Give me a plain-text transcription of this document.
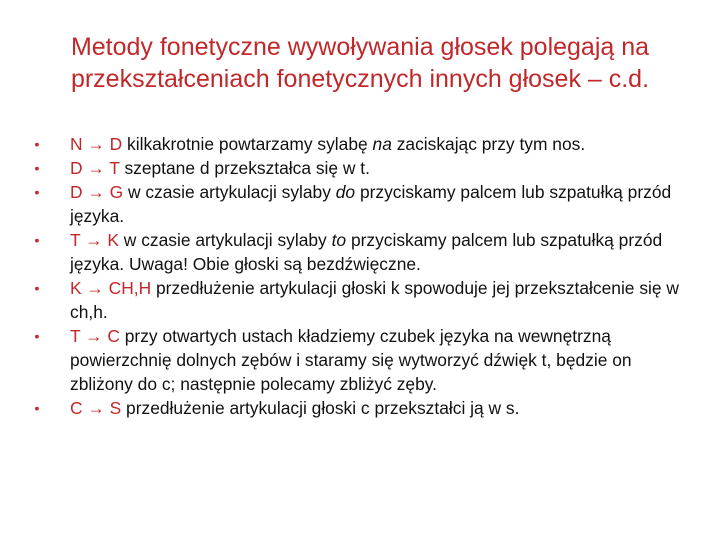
Metody fonetyczne wywoływania głosek polegają na przekształceniach fonetycznych innych głosek – c.d.
• N → D kilkakrotnie powtarzamy sylabę na zaciskając przy tym nos.
• D → T szeptane d przekształca się w t.
• D → G w czasie artykulacji sylaby do przyciskamy palcem lub szpatułką przód języka.
• T → K w czasie artykulacji sylaby to przyciskamy palcem lub szpatułką przód języka. Uwaga! Obie głoski są bezdźwięczne.
• K → CH,H przedłużenie artykulacji głoski k spowoduje jej przekształcenie się w ch,h.
• T → C przy otwartych ustach kładziemy czubek języka na wewnętrzną powierzchnię dolnych zębów i staramy się wytworzyć dźwięk t, będzie on zbliżony do c; następnie polecamy zbliżyć zęby.
• C → S przedłużenie artykulacji głoski c przekształci ją w s.
